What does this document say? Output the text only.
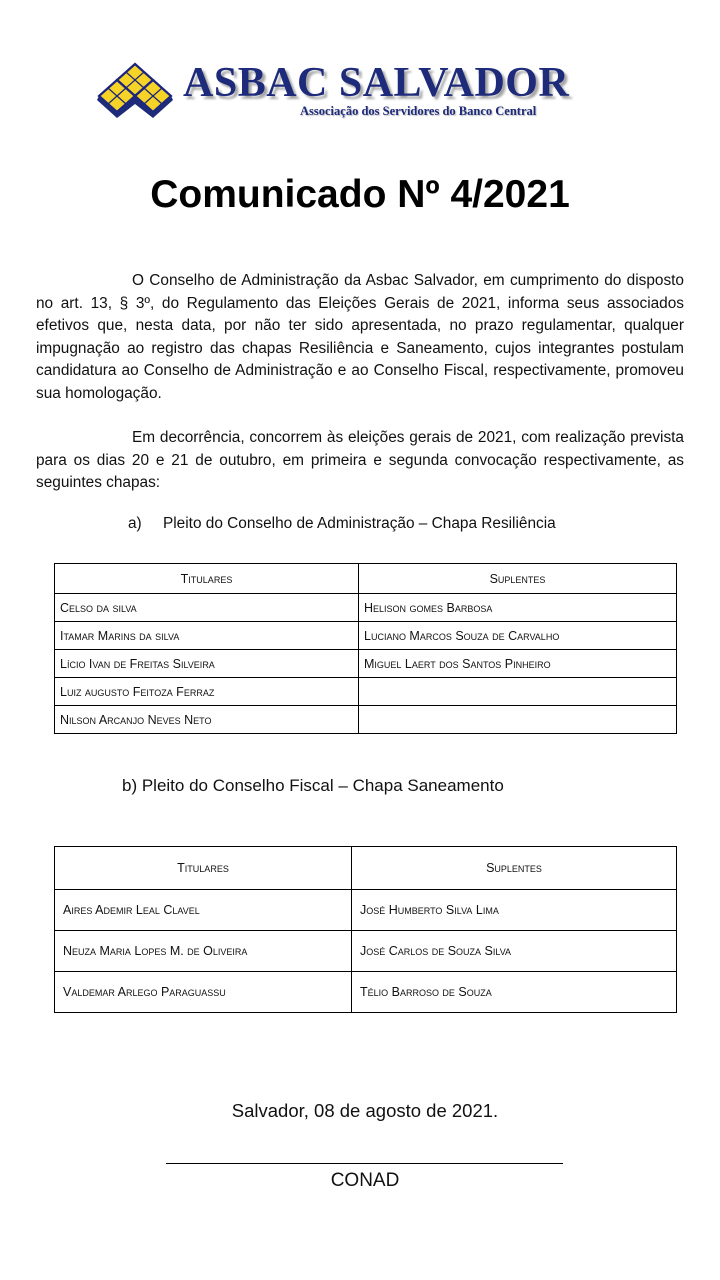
ASBAC SALVADOR
Associação dos Servidores do Banco Central
Comunicado Nº 4/2021

O Conselho de Administração da Asbac Salvador, em cumprimento do disposto no art. 13, § 3º, do Regulamento das Eleições Gerais de 2021, informa seus associados efetivos que, nesta data, por não ter sido apresentada, no prazo regulamentar, qualquer impugnação ao registro das chapas Resiliência e Saneamento, cujos integrantes postulam candidatura ao Conselho de Administração e ao Conselho Fiscal, respectivamente, promoveu sua homologação.

Em decorrência, concorrem às eleições gerais de 2021, com realização prevista para os dias 20 e 21 de outubro, em primeira e segunda convocação respectivamente, as seguintes chapas:

a) Pleito do Conselho de Administração – Chapa Resiliência
Titulares	Suplentes
Celso da silva	Helison gomes Barbosa
Itamar Marins da silva	Luciano Marcos Souza de Carvalho
Lício Ivan de Freitas Silveira	Miguel Laert dos Santos Pinheiro
Luiz augusto Feitoza Ferraz	
Nilson Arcanjo Neves Neto	
b) Pleito do Conselho Fiscal – Chapa Saneamento
Titulares	Suplentes
Aires Ademir Leal Clavel	José Humberto Silva Lima
Neuza Maria Lopes M. de Oliveira	José Carlos de Souza Silva
Valdemar Arlego Paraguassu	Télio Barroso de Souza
Salvador, 08 de agosto de 2021.
CONAD
